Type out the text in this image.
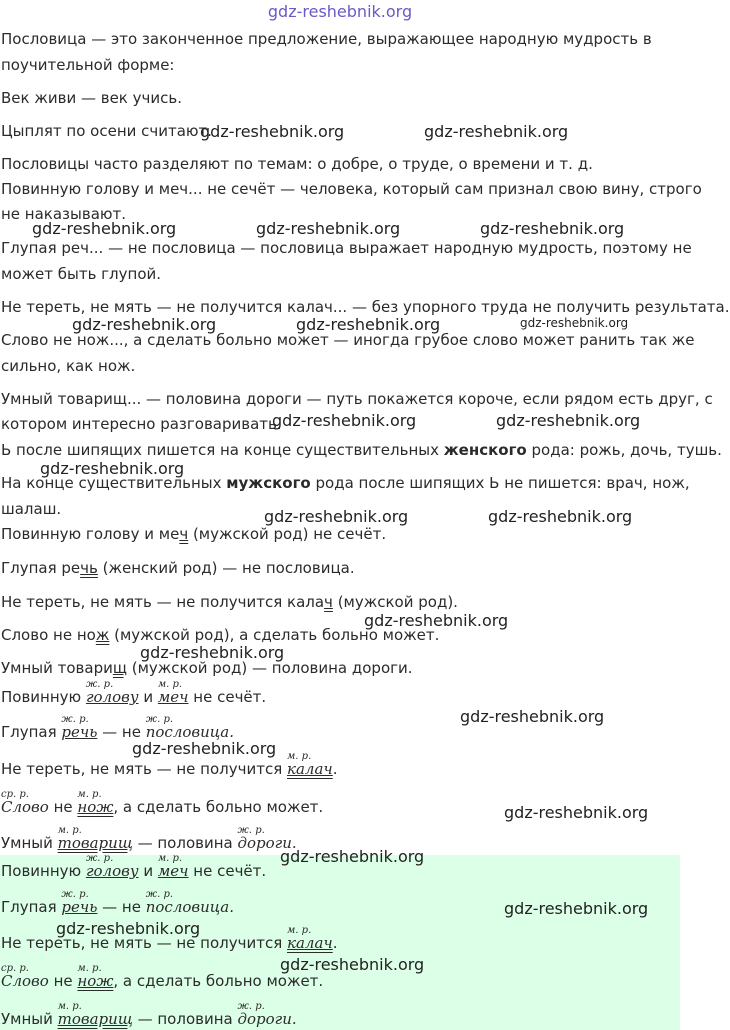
gdz-reshebnik.org
Пословица — это законченное предложение, выражающее народную мудрость в
поучительной форме:
Век живи — век учись.
Цыплят по осени считают.
Пословицы часто разделяют по темам: о добре, о труде, о времени и т. д.
Повинную голову и меч... не сечёт — человека, который сам признал свою вину, строго
не наказывают.
Глупая реч... — не пословица — пословица выражает народную мудрость, поэтому не
может быть глупой.
Не тереть, не мять — не получится калач... — без упорного труда не получить результата.
Слово не нож..., а сделать больно может — иногда грубое слово может ранить так же
сильно, как нож.
Умный товарищ... — половина дороги — путь покажется короче, если рядом есть друг, с
котором интересно разговаривать.
Ь после шипящих пишется на конце существительных женского рода: рожь, дочь, тушь.
На конце существительных мужского рода после шипящих Ь не пишется: врач, нож,
шалаш.
Повинную голову и меч (мужской род) не сечёт.
Глупая речь (женский род) — не пословица.
Не тереть, не мять — не получится калач (мужской род).
Слово не нож (мужской род), а сделать больно может.
Умный товарищ (мужской род) — половина дороги.
Повинную
ж. р.
голову и
м. р.
меч не сечёт.
Глупая
ж. р.
речь — не
ж. р.
пословица.
Не тереть, не мять — не получится
м. р.
калач.
ср. р.
Слово не
м. р.
нож, а сделать больно может.
Умный
м. р.
товарищ — половина
ж. р.
дороги.
Повинную
ж. р.
голову и
м. р.
меч не сечёт.
Глупая
ж. р.
речь — не
ж. р.
пословица.
Не тереть, не мять — не получится
м. р.
калач.
ср. р.
Слово не
м. р.
нож, а сделать больно может.
Умный
м. р.
товарищ — половина
ж. р.
дороги.
gdz-reshebnik.org	gdz-reshebnik.org
gdz-reshebnik.org	gdz-reshebnik.org	gdz-reshebnik.org
gdz-reshebnik.org	gdz-reshebnik.org	gdz-reshebnik.org
gdz-reshebnik.org	gdz-reshebnik.org
gdz-reshebnik.org
gdz-reshebnik.org	gdz-reshebnik.org
gdz-reshebnik.org
gdz-reshebnik.org
gdz-reshebnik.org
gdz-reshebnik.org
gdz-reshebnik.org
gdz-reshebnik.org
gdz-reshebnik.org
gdz-reshebnik.org
gdz-reshebnik.org
